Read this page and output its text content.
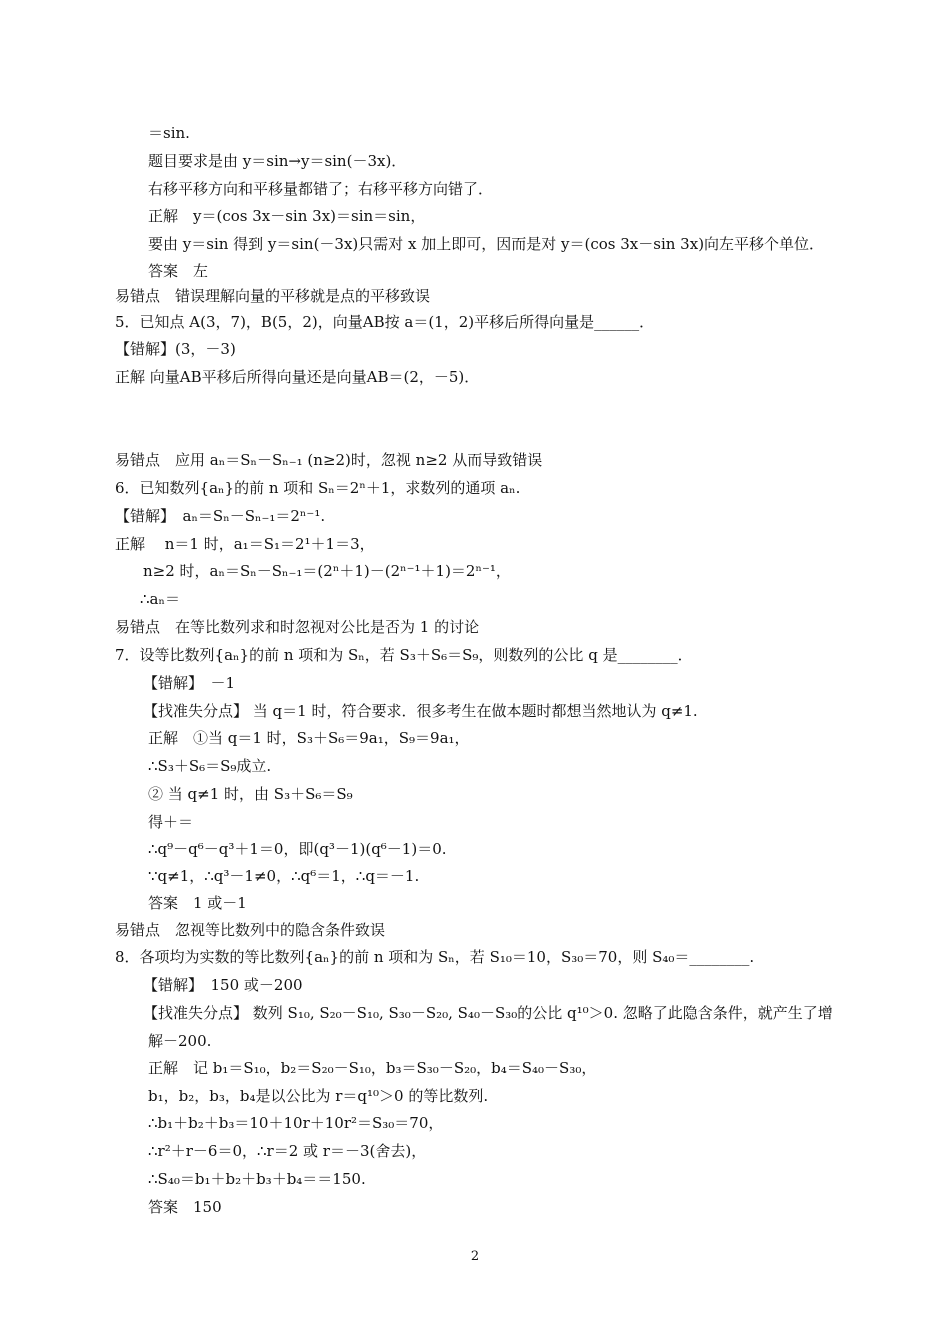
＝sin.
题目要求是由 y＝sin→y＝sin(－3x)．
右移平移方向和平移量都错了；右移平移方向错了．
正解　y＝(cos 3x－sin 3x)＝sin＝sin，
要由 y＝sin 得到 y＝sin(－3x)只需对 x 加上即可，因而是对 y＝(cos 3x－sin 3x)向左平移个单位．
答案　左
易错点　错误理解向量的平移就是点的平移致误
5．已知点 A(3，7)，B(5，2)，向量AB按 a＝(1，2)平移后所得向量是______．
【错解】(3，－3)
正解 向量AB平移后所得向量还是向量AB＝(2，－5)．
易错点　应用 aₙ＝Sₙ－Sₙ₋₁ (n≥2)时，忽视 n≥2 从而导致错误
6．已知数列{aₙ}的前 n 项和 Sₙ＝2ⁿ＋1，求数列的通项 aₙ.
【错解】　aₙ＝Sₙ－Sₙ₋₁＝2ⁿ⁻¹.
正解　 n＝1 时，a₁＝S₁＝2¹＋1＝3，
n≥2 时，aₙ＝Sₙ－Sₙ₋₁＝(2ⁿ＋1)－(2ⁿ⁻¹＋1)＝2ⁿ⁻¹，
∴aₙ＝
易错点　在等比数列求和时忽视对公比是否为 1 的讨论
7．设等比数列{aₙ}的前 n 项和为 Sₙ，若 S₃＋S₆＝S₉，则数列的公比 q 是________．
【错解】　－1
【找准失分点】 当 q＝1 时，符合要求．很多考生在做本题时都想当然地认为 q≠1.
正解　①当 q＝1 时，S₃＋S₆＝9a₁，S₉＝9a₁，
∴S₃＋S₆＝S₉成立.
② 当 q≠1 时，由 S₃＋S₆＝S₉
得＋＝
∴q⁹－q⁶－q³＋1＝0，即(q³－1)(q⁶－1)＝0.
∵q≠1，∴q³－1≠0，∴q⁶＝1，∴q＝－1.
答案　1 或－1
易错点　忽视等比数列中的隐含条件致误
8．各项均为实数的等比数列{aₙ}的前 n 项和为 Sₙ，若 S₁₀＝10，S₃₀＝70，则 S₄₀＝________.
【错解】　150 或－200
【找准失分点】 数列 S₁₀, S₂₀－S₁₀, S₃₀－S₂₀, S₄₀－S₃₀的公比 q¹⁰＞0. 忽略了此隐含条件，就产生了增
解－200.
正解　记 b₁＝S₁₀，b₂＝S₂₀－S₁₀，b₃＝S₃₀－S₂₀，b₄＝S₄₀－S₃₀，
b₁，b₂，b₃，b₄是以公比为 r＝q¹⁰＞0 的等比数列.
∴b₁＋b₂＋b₃＝10＋10r＋10r²＝S₃₀＝70，
∴r²＋r－6＝0，∴r＝2 或 r＝－3(舍去)，
∴S₄₀＝b₁＋b₂＋b₃＋b₄＝＝150.
答案　150
2
